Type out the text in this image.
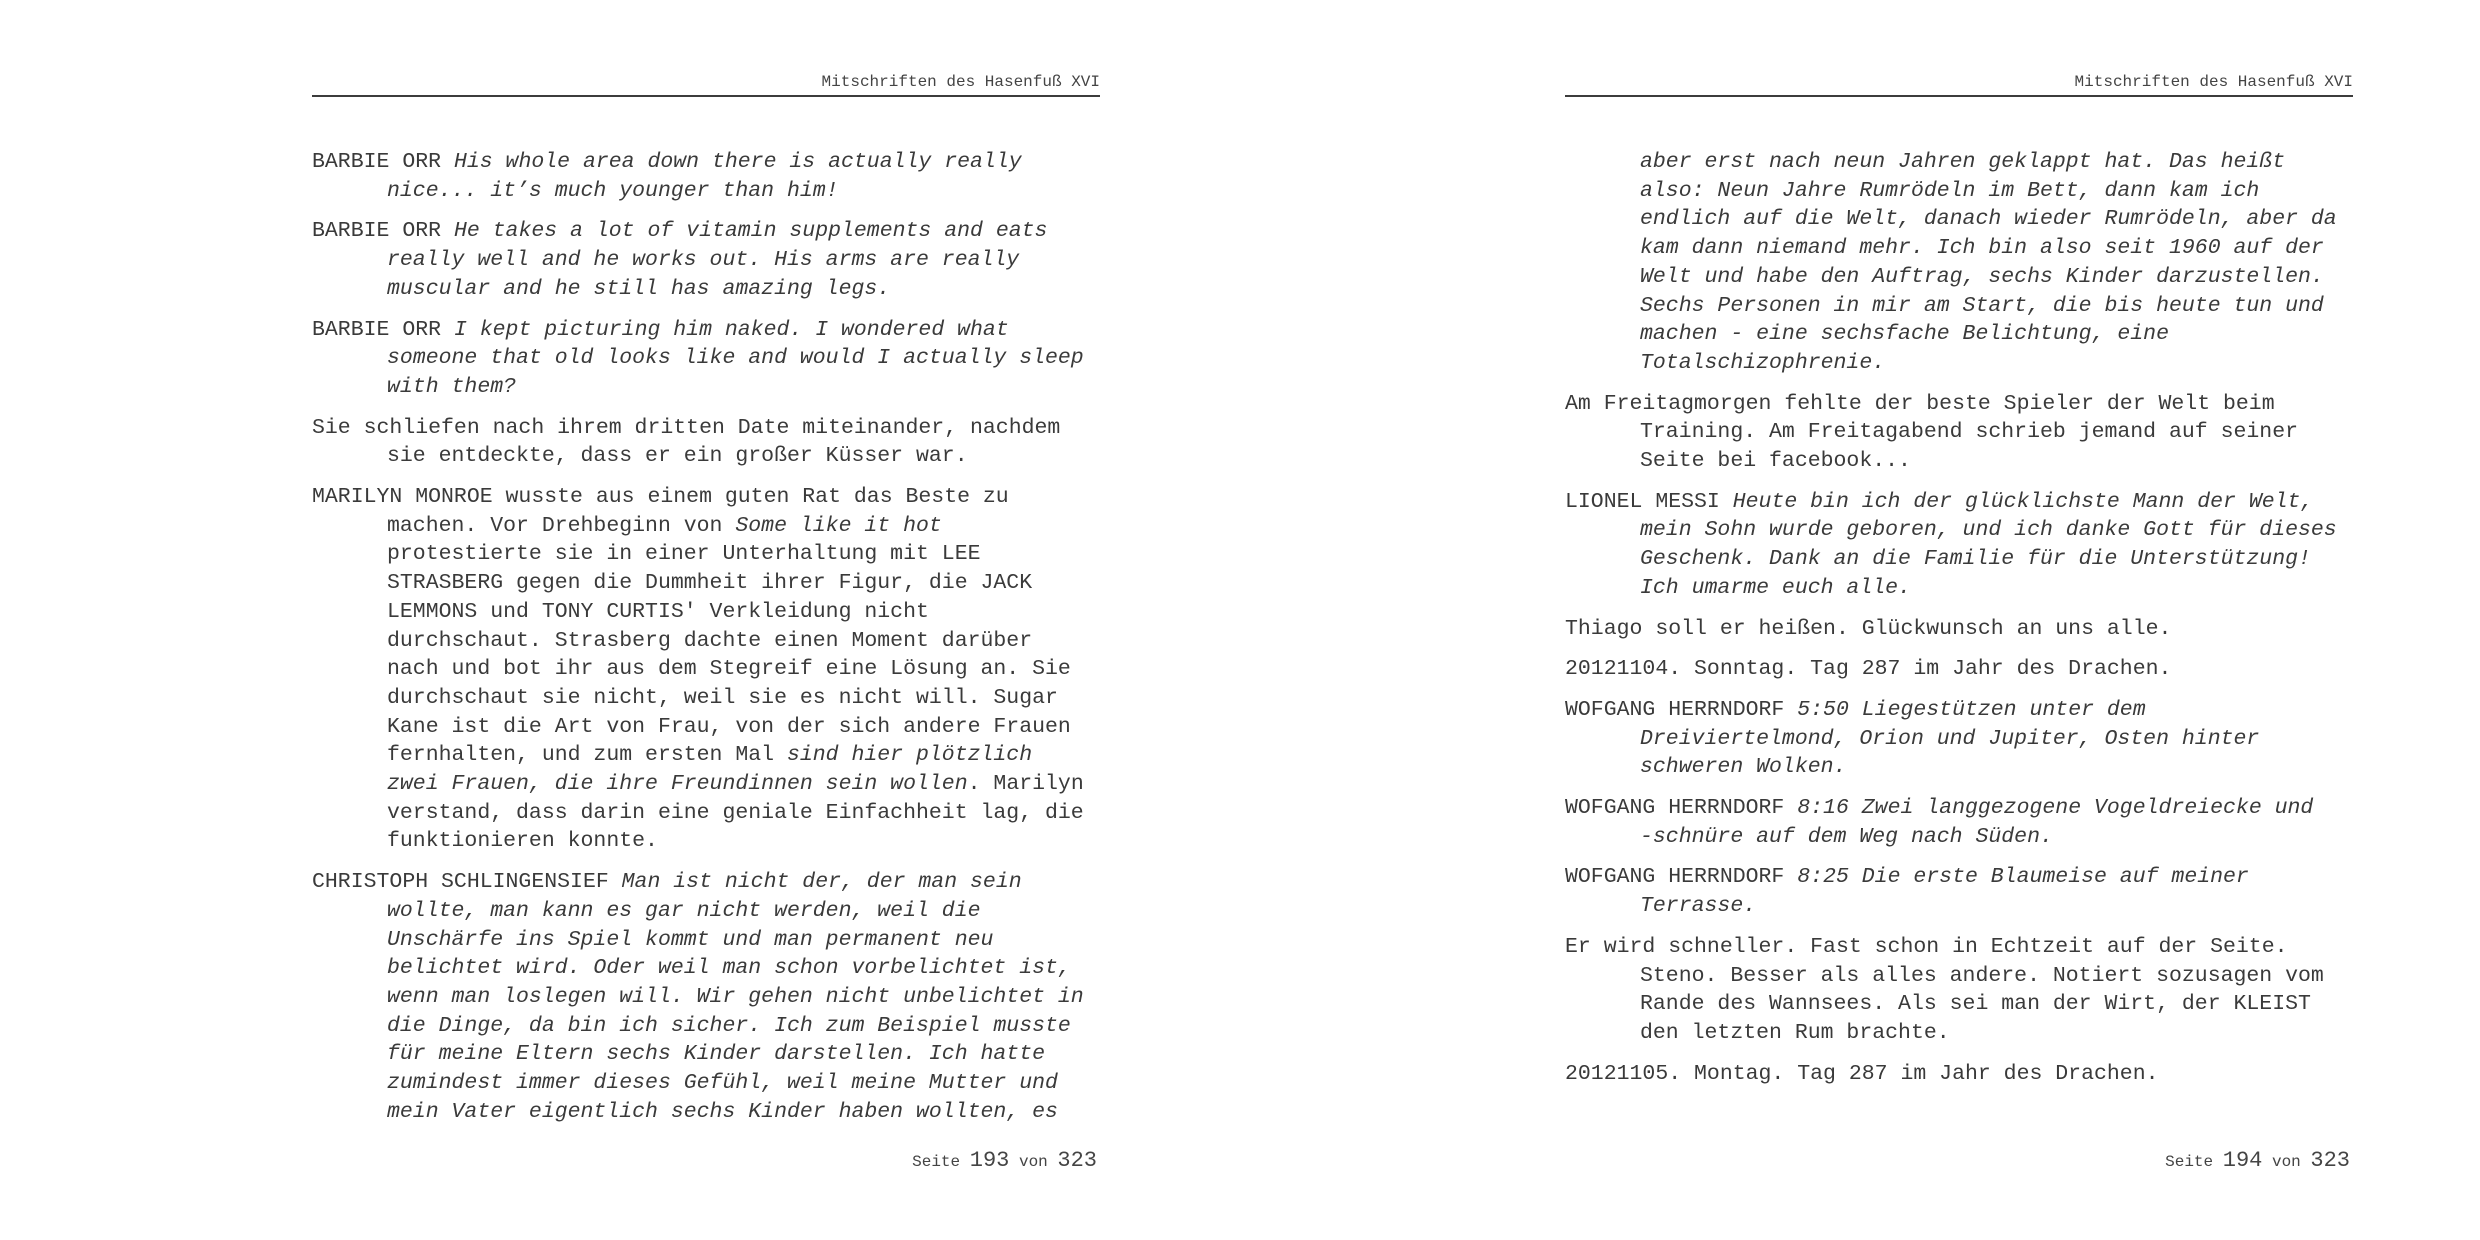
Mitschriften des Hasenfuß XVI

BARBIE ORR His whole area down there is actually really
nice... it’s much younger than him!

BARBIE ORR He takes a lot of vitamin supplements and eats
really well and he works out. His arms are really
muscular and he still has amazing legs.

BARBIE ORR I kept picturing him naked. I wondered what
someone that old looks like and would I actually sleep
with them?

Sie schliefen nach ihrem dritten Date miteinander, nachdem
sie entdeckte, dass er ein großer Küsser war.

MARILYN MONROE wusste aus einem guten Rat das Beste zu
machen. Vor Drehbeginn von Some like it hot
protestierte sie in einer Unterhaltung mit LEE
STRASBERG gegen die Dummheit ihrer Figur, die JACK
LEMMONS und TONY CURTIS' Verkleidung nicht
durchschaut. Strasberg dachte einen Moment darüber
nach und bot ihr aus dem Stegreif eine Lösung an. Sie
durchschaut sie nicht, weil sie es nicht will. Sugar
Kane ist die Art von Frau, von der sich andere Frauen
fernhalten, und zum ersten Mal sind hier plötzlich
zwei Frauen, die ihre Freundinnen sein wollen. Marilyn
verstand, dass darin eine geniale Einfachheit lag, die
funktionieren konnte.

CHRISTOPH SCHLINGENSIEF Man ist nicht der, der man sein
wollte, man kann es gar nicht werden, weil die
Unschärfe ins Spiel kommt und man permanent neu
belichtet wird. Oder weil man schon vorbelichtet ist,
wenn man loslegen will. Wir gehen nicht unbelichtet in
die Dinge, da bin ich sicher. Ich zum Beispiel musste
für meine Eltern sechs Kinder darstellen. Ich hatte
zumindest immer dieses Gefühl, weil meine Mutter und
mein Vater eigentlich sechs Kinder haben wollten, es

Seite 193 von 323
Mitschriften des Hasenfuß XVI

aber erst nach neun Jahren geklappt hat. Das heißt
also: Neun Jahre Rumrödeln im Bett, dann kam ich
endlich auf die Welt, danach wieder Rumrödeln, aber da
kam dann niemand mehr. Ich bin also seit 1960 auf der
Welt und habe den Auftrag, sechs Kinder darzustellen.
Sechs Personen in mir am Start, die bis heute tun und
machen - eine sechsfache Belichtung, eine
Totalschizophrenie.

Am Freitagmorgen fehlte der beste Spieler der Welt beim
Training. Am Freitagabend schrieb jemand auf seiner
Seite bei facebook...

LIONEL MESSI Heute bin ich der glücklichste Mann der Welt,
mein Sohn wurde geboren, und ich danke Gott für dieses
Geschenk. Dank an die Familie für die Unterstützung!
Ich umarme euch alle.

Thiago soll er heißen. Glückwunsch an uns alle.

20121104. Sonntag. Tag 287 im Jahr des Drachen.

WOFGANG HERRNDORF 5:50 Liegestützen unter dem
Dreiviertelmond, Orion und Jupiter, Osten hinter
schweren Wolken.

WOFGANG HERRNDORF 8:16 Zwei langgezogene Vogeldreiecke und
-schnüre auf dem Weg nach Süden.

WOFGANG HERRNDORF 8:25 Die erste Blaumeise auf meiner
Terrasse.

Er wird schneller. Fast schon in Echtzeit auf der Seite.
Steno. Besser als alles andere. Notiert sozusagen vom
Rande des Wannsees. Als sei man der Wirt, der KLEIST
den letzten Rum brachte.

20121105. Montag. Tag 287 im Jahr des Drachen.

Seite 194 von 323
